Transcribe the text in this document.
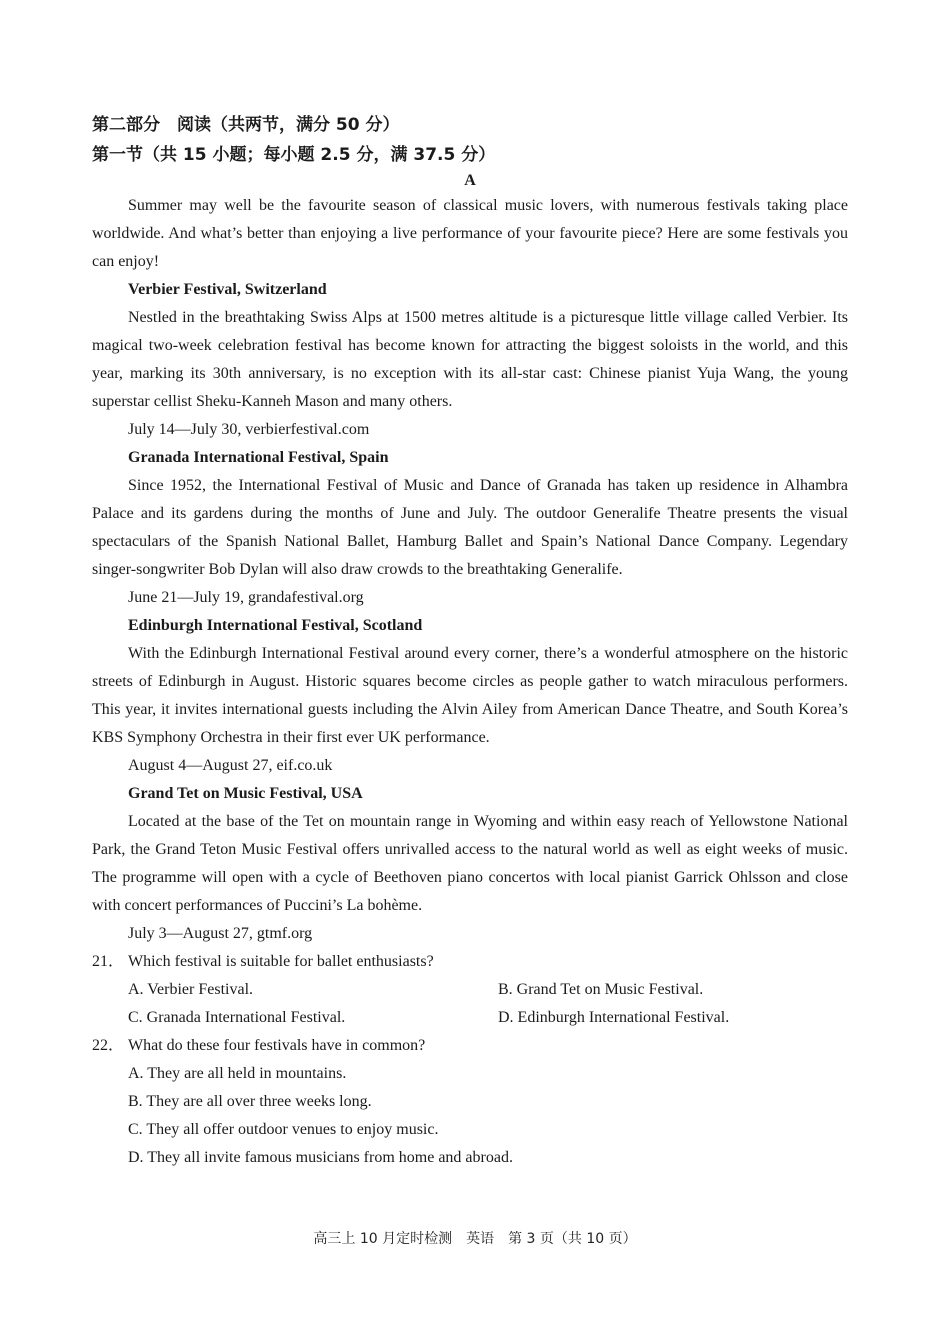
第二部分　阅读（共两节，满分 50 分）
第一节（共 15 小题；每小题 2.5 分，满 37.5 分）
A

Summer may well be the favourite season of classical music lovers, with numerous festivals taking place worldwide. And what’s better than enjoying a live performance of your favourite piece? Here are some festivals you can enjoy!

Verbier Festival, Switzerland

Nestled in the breathtaking Swiss Alps at 1500 metres altitude is a picturesque little village called Verbier. Its magical two-week celebration festival has become known for attracting the biggest soloists in the world, and this year, marking its 30th anniversary, is no exception with its all-star cast: Chinese pianist Yuja Wang, the young superstar cellist Sheku-Kanneh Mason and many others.

July 14—July 30, verbierfestival.com
Granada International Festival, Spain

Since 1952, the International Festival of Music and Dance of Granada has taken up residence in Alhambra Palace and its gardens during the months of June and July. The outdoor Generalife Theatre presents the visual spectaculars of the Spanish National Ballet, Hamburg Ballet and Spain’s National Dance Company. Legendary singer-songwriter Bob Dylan will also draw crowds to the breathtaking Generalife.

June 21—July 19, grandafestival.org
Edinburgh International Festival, Scotland

With the Edinburgh International Festival around every corner, there’s a wonderful atmosphere on the historic streets of Edinburgh in August. Historic squares become circles as people gather to watch miraculous performers. This year, it invites international guests including the Alvin Ailey from American Dance Theatre, and South Korea’s KBS Symphony Orchestra in their first ever UK performance.

August 4—August 27, eif.co.uk
Grand Tet on Music Festival, USA

Located at the base of the Tet on mountain range in Wyoming and within easy reach of Yellowstone National Park, the Grand Teton Music Festival offers unrivalled access to the natural world as well as eight weeks of music. The programme will open with a cycle of Beethoven piano concertos with local pianist Garrick Ohlsson and close with concert performances of Puccini’s La bohème.

July 3—August 27, gtmf.org
21． Which festival is suitable for ballet enthusiasts?
A. Verbier Festival.	B. Grand Tet on Music Festival.
C. Granada International Festival.	D. Edinburgh International Festival.
22． What do these four festivals have in common?
A. They are all held in mountains.
B. They are all over three weeks long.
C. They all offer outdoor venues to enjoy music.
D. They all invite famous musicians from home and abroad.
高三上 10 月定时检测　英语　第 3 页（共 10 页）
